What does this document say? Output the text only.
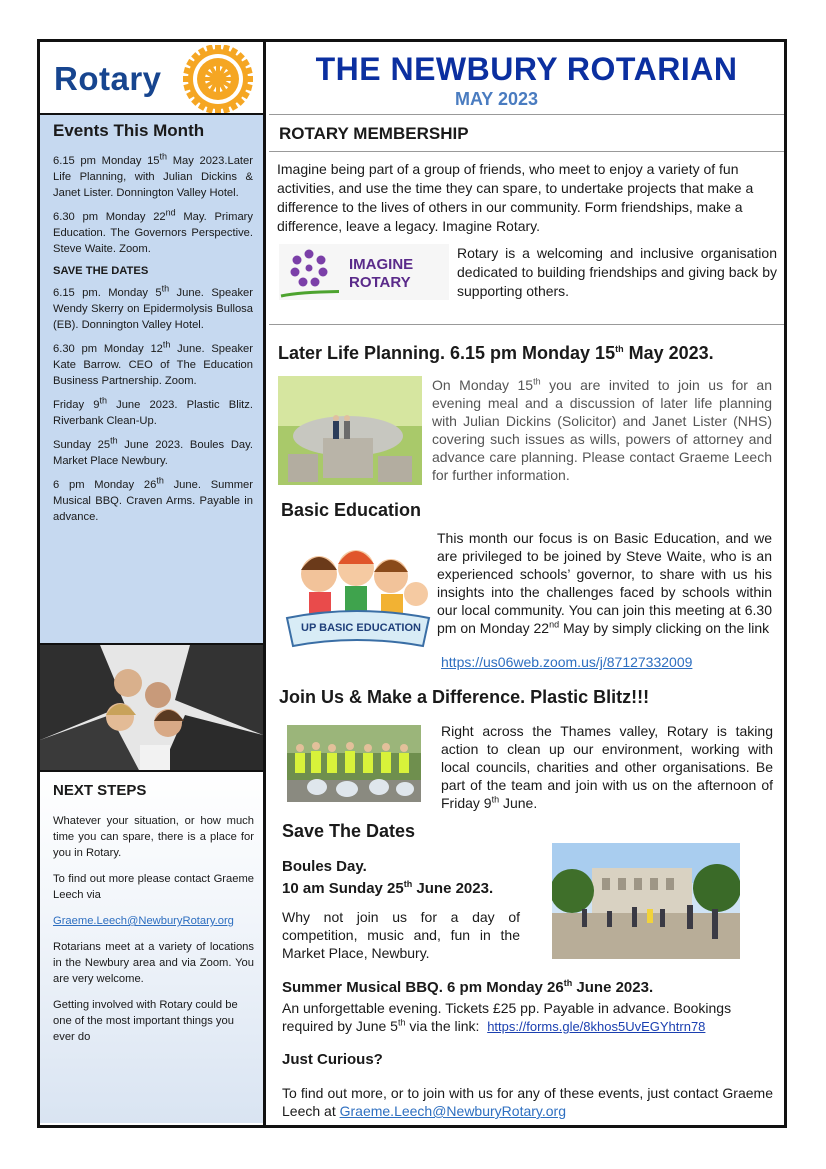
Rotary
Events This Month

6.15 pm Monday 15th May 2023.Later Life Planning, with Julian Dickins & Janet Lister. Donnington Valley Hotel.

6.30 pm Monday 22nd May. Primary Education. The Governors Perspective. Steve Waite. Zoom.

SAVE THE DATES

6.15 pm. Monday 5th June. Speaker Wendy Skerry on Epidermolysis Bullosa (EB). Donnington Valley Hotel.

6.30 pm Monday 12th June. Speaker Kate Barrow. CEO of The Education Business Partnership. Zoom.

Friday 9th June 2023. Plastic Blitz. Riverbank Clean-Up.

Sunday 25th June 2023. Boules Day. Market Place Newbury.

6 pm Monday 26th June. Summer Musical BBQ. Craven Arms. Payable in advance.

NEXT STEPS

Whatever your situation, or how much time you can spare, there is a place for you in Rotary.

To find out more please contact Graeme Leech via

Graeme.Leech@NewburyRotary.org

Rotarians meet at a variety of locations in the Newbury area and via Zoom. You are very welcome.

Getting involved with Rotary could be one of the most important things you ever do

THE NEWBURY ROTARIAN
MAY 2023
ROTARY MEMBERSHIP
Imagine being part of a group of friends, who meet to enjoy a variety of fun activities, and use the time they can spare, to undertake projects that make a difference to the lives of others in our community. Form friendships, make a difference, leave a legacy. Imagine Rotary.
IMAGINE
ROTARY
Rotary is a welcoming and inclusive organisation dedicated to building friendships and giving back by supporting others.
Later Life Planning. 6.15 pm Monday 15th May 2023.
On Monday 15th you are invited to join us for an evening meal and a discussion of later life planning with Julian Dickins (Solicitor) and Janet Lister (NHS) covering such issues as wills, powers of attorney and advance care planning. Please contact Graeme Leech for further information.
Basic Education
UP BASIC EDUCATION
This month our focus is on Basic Education, and we are privileged to be joined by Steve Waite, who is an experienced schools’ governor, to share with us his insights into the challenges faced by schools within our local community. You can join this meeting at 6.30 pm on Monday 22nd May by simply clicking on the link
https://us06web.zoom.us/j/87127332009
Join Us & Make a Difference. Plastic Blitz!!!
Right across the Thames valley, Rotary is taking action to clean up our environment, working with local councils, charities and other organisations. Be part of the team and join with us on the afternoon of Friday 9th June.
Save The Dates
Boules Day.
10 am Sunday 25th June 2023.
Why not join us for a day of competition, music and, fun in the Market Place, Newbury.
Summer Musical BBQ. 6 pm Monday 26th June 2023.
An unforgettable evening. Tickets £25 pp. Payable in advance. Bookings required by June 5th via the link: https://forms.gle/8khos5UvEGYhtrn78
Just Curious?
To find out more, or to join with us for any of these events, just contact Graeme Leech at Graeme.Leech@NewburyRotary.org
